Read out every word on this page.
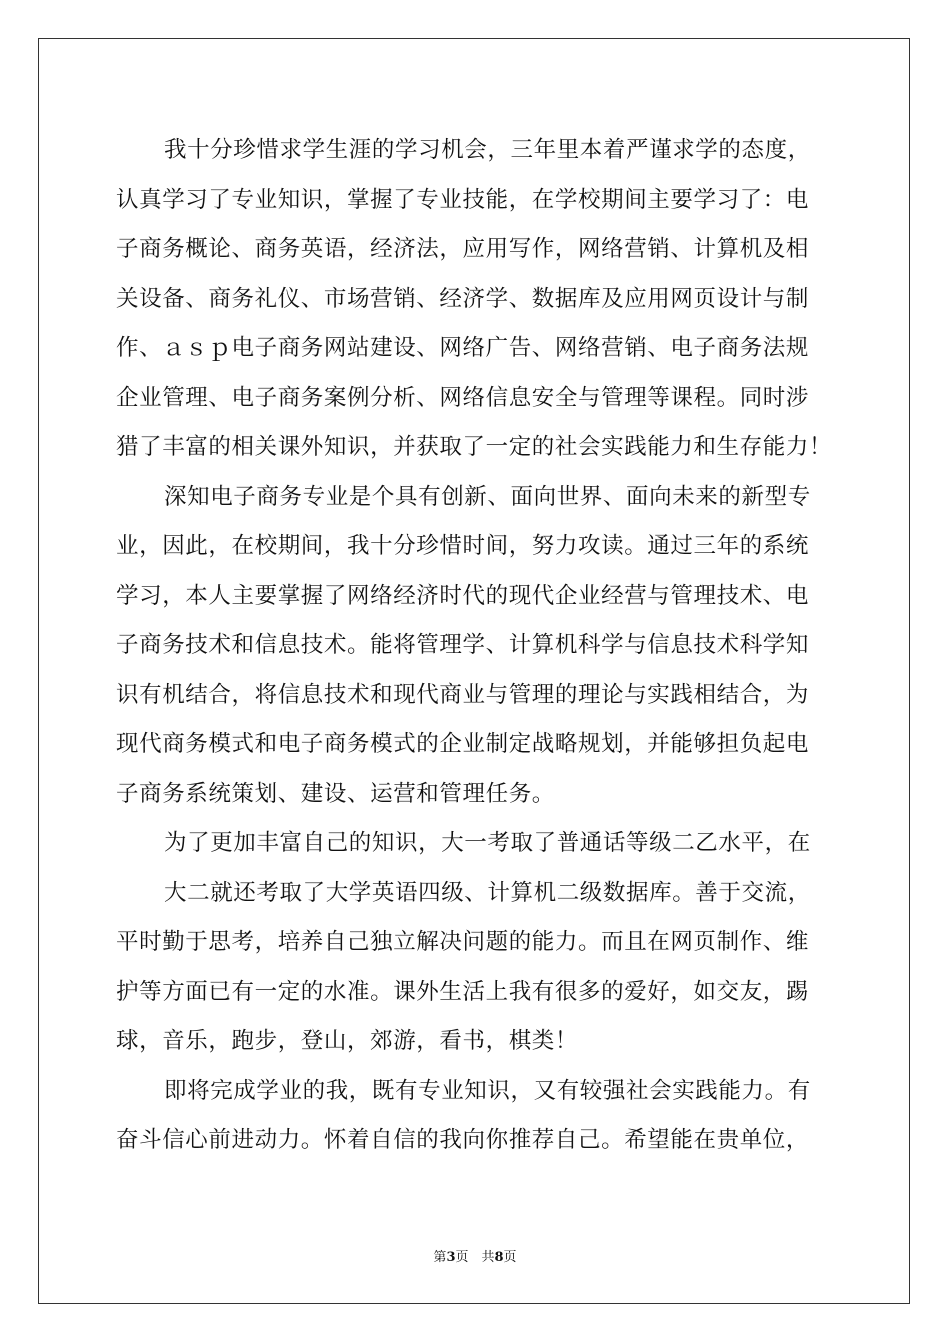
我十分珍惜求学生涯的学习机会，三年里本着严谨求学的态度，
认真学习了专业知识，掌握了专业技能，在学校期间主要学习了：电
子商务概论、商务英语，经济法，应用写作，网络营销、计算机及相
关设备、商务礼仪、市场营销、经济学、数据库及应用网页设计与制
作、ａｓｐ电子商务网站建设、网络广告、网络营销、电子商务法规
企业管理、电子商务案例分析、网络信息安全与管理等课程。同时涉
猎了丰富的相关课外知识，并获取了一定的社会实践能力和生存能力！
深知电子商务专业是个具有创新、面向世界、面向未来的新型专
业，因此，在校期间，我十分珍惜时间，努力攻读。通过三年的系统
学习，本人主要掌握了网络经济时代的现代企业经营与管理技术、电
子商务技术和信息技术。能将管理学、计算机科学与信息技术科学知
识有机结合，将信息技术和现代商业与管理的理论与实践相结合，为
现代商务模式和电子商务模式的企业制定战略规划，并能够担负起电
子商务系统策划、建设、运营和管理任务。
为了更加丰富自己的知识，大一考取了普通话等级二乙水平，在
大二就还考取了大学英语四级、计算机二级数据库。善于交流，
平时勤于思考，培养自己独立解决问题的能力。而且在网页制作、维
护等方面已有一定的水准。课外生活上我有很多的爱好，如交友，踢
球，音乐，跑步，登山，郊游，看书，棋类！
即将完成学业的我，既有专业知识，又有较强社会实践能力。有
奋斗信心前进动力。怀着自信的我向你推荐自己。希望能在贵单位，
第3页　共8页
